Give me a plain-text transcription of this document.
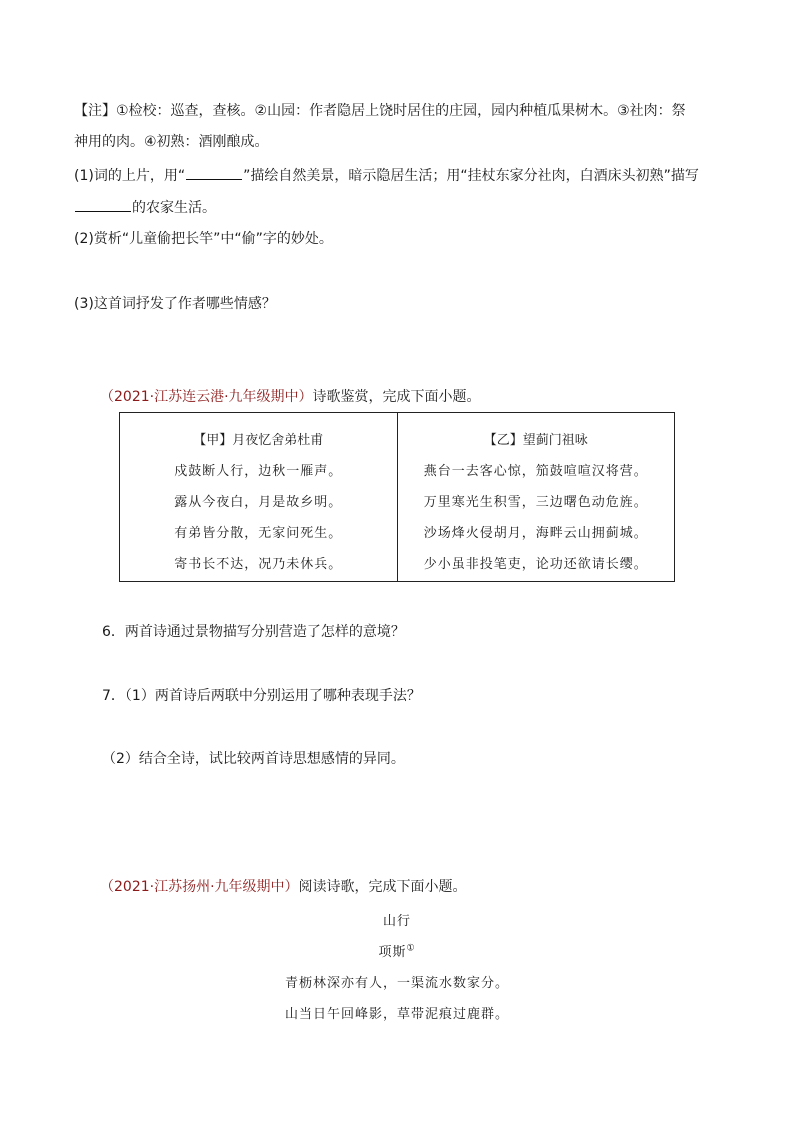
【注】①检校：巡查，查核。②山园：作者隐居上饶时居住的庄园，园内种植瓜果树木。③社肉：祭
神用的肉。④初熟：酒刚酿成。
(1)词的上片，用“	”描绘自然美景，暗示隐居生活；用“挂杖东家分社肉，白酒床头初熟”描写
的农家生活。
(2)赏析“儿童偷把长竿”中“偷”字的妙处。
(3)这首词抒发了作者哪些情感？
（2021·江苏连云港·九年级期中）诗歌鉴赏，完成下面小题。
【甲】月夜忆舍弟杜甫
戍鼓断人行，边秋一雁声。
露从今夜白，月是故乡明。
有弟皆分散，无家问死生。
寄书长不达，况乃未休兵。
【乙】望蓟门祖咏
燕台一去客心惊，笳鼓喧喧汉将营。
万里寒光生积雪，三边曙色动危旌。
沙场烽火侵胡月，海畔云山拥蓟城。
少小虽非投笔吏，论功还欲请长缨。
6．两首诗通过景物描写分别营造了怎样的意境？
7．（1）两首诗后两联中分别运用了哪种表现手法？
（2）结合全诗，试比较两首诗思想感情的异同。
（2021·江苏扬州·九年级期中）阅读诗歌，完成下面小题。
山行
项斯①
青枥林深亦有人，一渠流水数家分。
山当日午回峰影，草带泥痕过鹿群。
